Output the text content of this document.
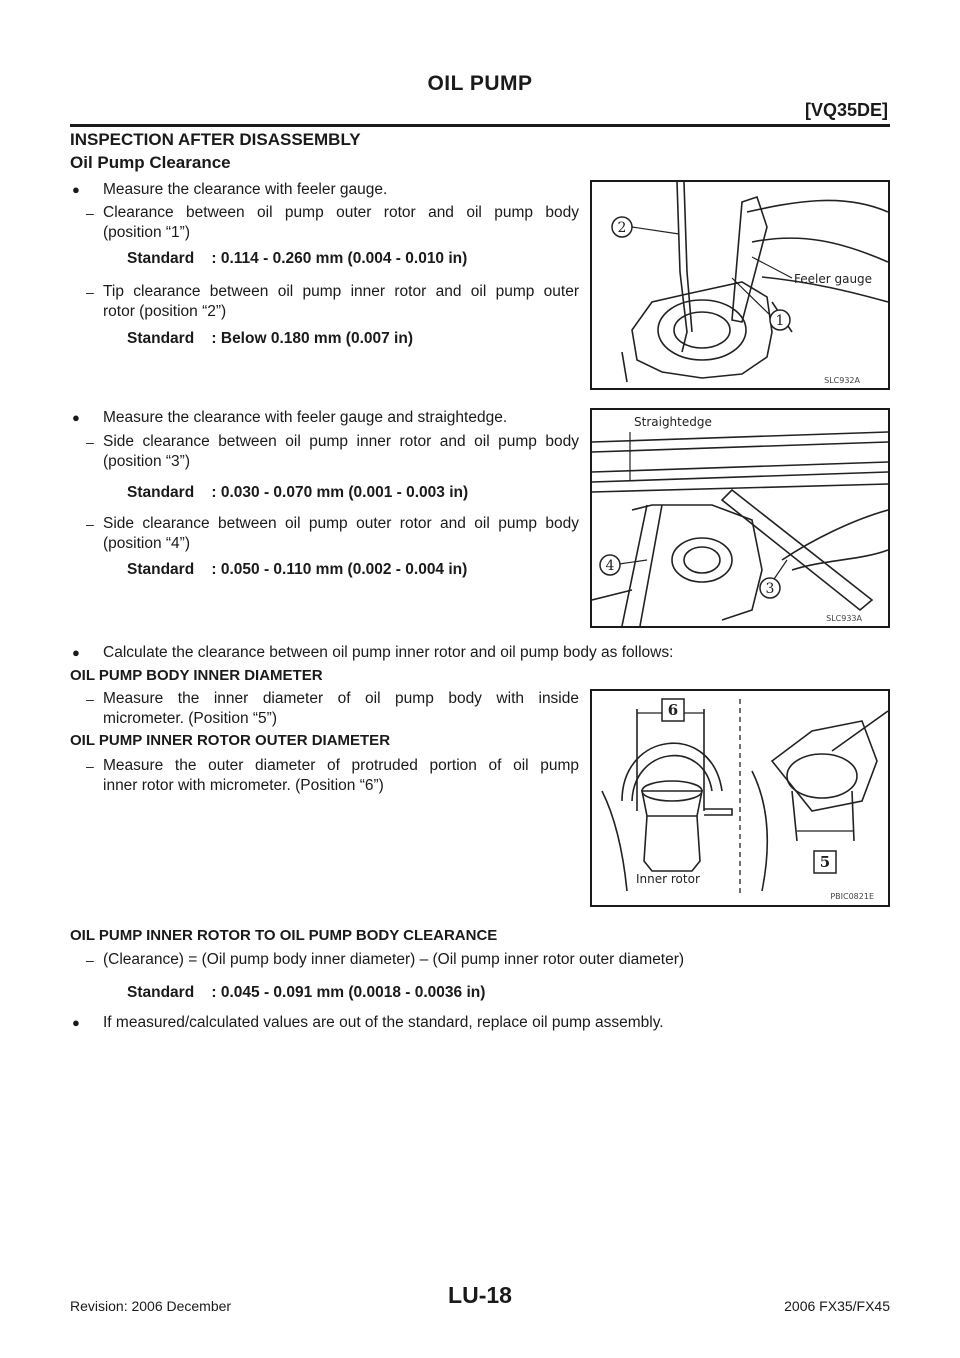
OIL PUMP
[VQ35DE]
INSPECTION AFTER DISASSEMBLY
Oil Pump Clearance
●	Measure the clearance with feeler gauge.
– Clearance between oil pump outer rotor and oil pump body
(position “1”)
Standard    : 0.114 - 0.260 mm (0.004 - 0.010 in)
– Tip clearance between oil pump inner rotor and oil pump outer
rotor (position “2”)
Standard    : Below 0.180 mm (0.007 in)
2
1
Feeler gauge
SLC932A
●	Measure the clearance with feeler gauge and straightedge.
– Side clearance between oil pump inner rotor and oil pump body
(position “3”)
Standard    : 0.030 - 0.070 mm (0.001 - 0.003 in)
– Side clearance between oil pump outer rotor and oil pump body
(position “4”)
Standard    : 0.050 - 0.110 mm (0.002 - 0.004 in)
Straightedge
4
3
SLC933A
●	Calculate the clearance between oil pump inner rotor and oil pump body as follows:
OIL PUMP BODY INNER DIAMETER
– Measure the inner diameter of oil pump body with inside
micrometer. (Position “5”)
OIL PUMP INNER ROTOR OUTER DIAMETER
– Measure the outer diameter of protruded portion of oil pump
inner rotor with micrometer. (Position “6”)
6
5
Inner rotor
PBIC0821E
OIL PUMP INNER ROTOR TO OIL PUMP BODY CLEARANCE
– (Clearance) = (Oil pump body inner diameter) – (Oil pump inner rotor outer diameter)
Standard    : 0.045 - 0.091 mm (0.0018 - 0.0036 in)
●	If measured/calculated values are out of the standard, replace oil pump assembly.
Revision: 2006 December	LU-18	2006 FX35/FX45
